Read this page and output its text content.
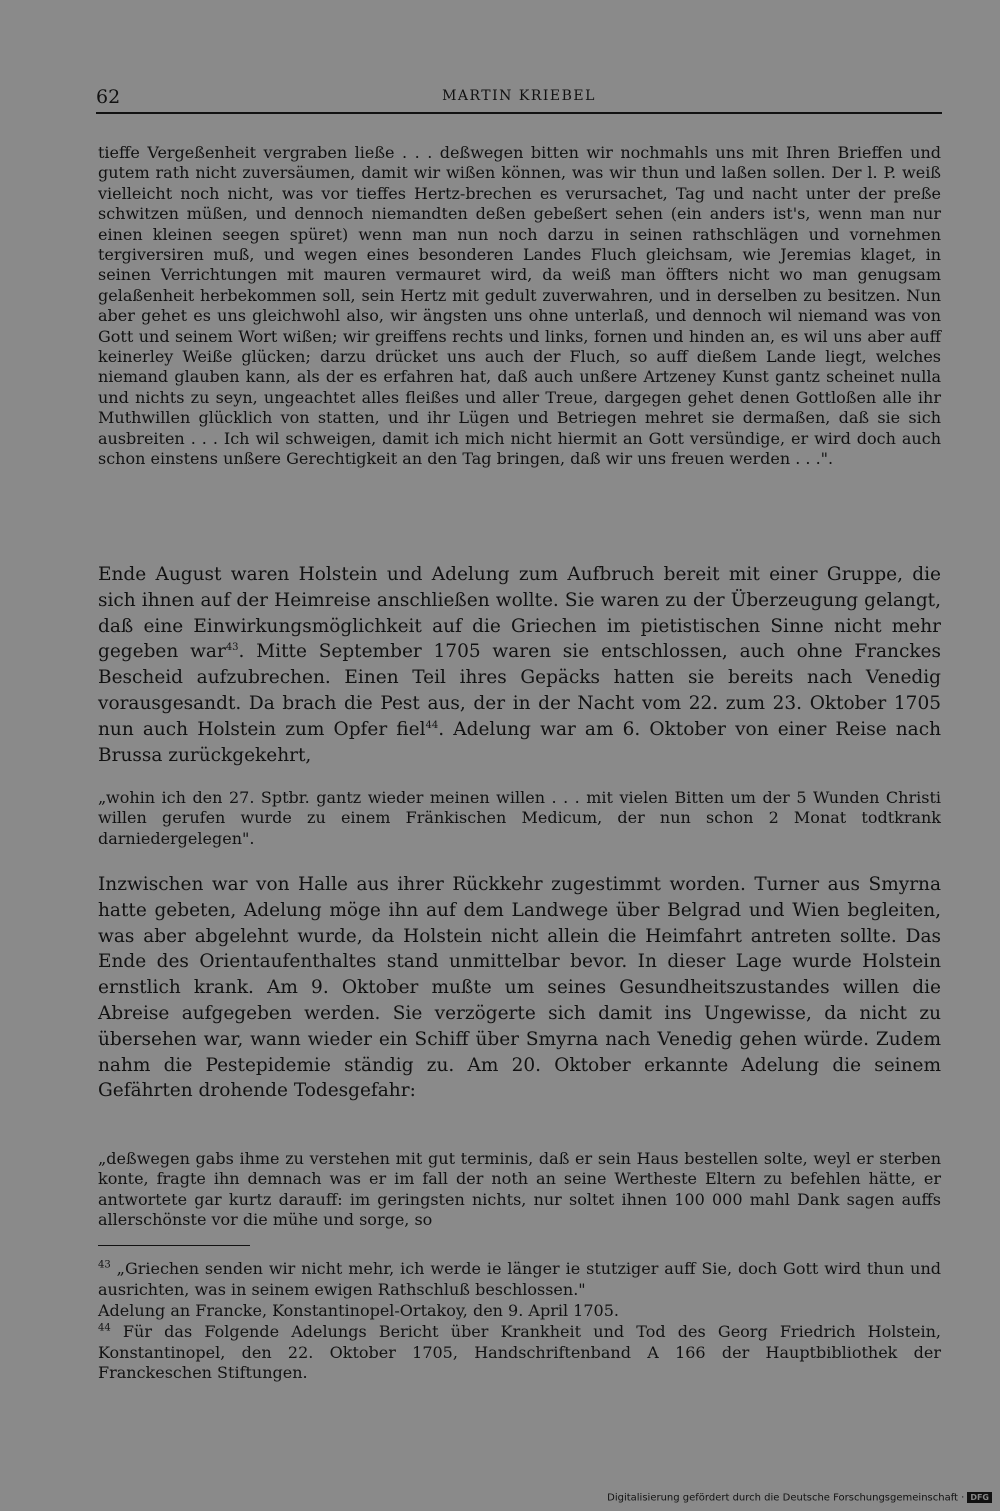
62	MARTIN KRIEBEL
tieffe Vergeßenheit vergraben ließe . . . deßwegen bitten wir nochmahls uns mit Ihren Brieffen und gutem rath nicht zuversäumen, damit wir wißen können, was wir thun und laßen sollen. Der l. P. weiß vielleicht noch nicht, was vor tieffes Hertz-brechen es verursachet, Tag und nacht unter der preße schwitzen müßen, und dennoch niemandten deßen gebeßert sehen (ein anders ist's, wenn man nur einen kleinen seegen spüret) wenn man nun noch darzu in seinen rathschlägen und vornehmen tergiversiren muß, und wegen eines besonderen Landes Fluch gleichsam, wie Jeremias klaget, in seinen Verrichtungen mit mauren vermauret wird, da weiß man öffters nicht wo man genugsam gelaßenheit herbekommen soll, sein Hertz mit gedult zuverwahren, und in derselben zu besitzen. Nun aber gehet es uns gleichwohl also, wir ängsten uns ohne unterlaß, und dennoch wil niemand was von Gott und seinem Wort wißen; wir greiffens rechts und links, fornen und hinden an, es wil uns aber auff keinerley Weiße glücken; darzu drücket uns auch der Fluch, so auff dießem Lande liegt, welches niemand glauben kann, als der es erfahren hat, daß auch unßere Artzeney Kunst gantz scheinet nulla und nichts zu seyn, ungeachtet alles fleißes und aller Treue, dargegen gehet denen Gottloßen alle ihr Muthwillen glücklich von statten, und ihr Lügen und Betriegen mehret sie dermaßen, daß sie sich ausbreiten . . . Ich wil schweigen, damit ich mich nicht hiermit an Gott versündige, er wird doch auch schon einstens unßere Gerechtigkeit an den Tag bringen, daß wir uns freuen werden . . .".
Ende August waren Holstein und Adelung zum Aufbruch bereit mit einer Gruppe, die sich ihnen auf der Heimreise anschließen wollte. Sie waren zu der Überzeugung gelangt, daß eine Einwirkungsmöglichkeit auf die Griechen im pietistischen Sinne nicht mehr gegeben war$^{43}$. Mitte September 1705 waren sie entschlossen, auch ohne Franckes Bescheid aufzubrechen. Einen Teil ihres Gepäcks hatten sie bereits nach Venedig vorausgesandt. Da brach die Pest aus, der in der Nacht vom 22. zum 23. Oktober 1705 nun auch Holstein zum Opfer fiel$^{44}$. Adelung war am 6. Oktober von einer Reise nach Brussa zurückgekehrt,
„wohin ich den 27. Sptbr. gantz wieder meinen willen . . . mit vielen Bitten um der 5 Wunden Christi willen gerufen wurde zu einem Fränkischen Medicum, der nun schon 2 Monat todtkrank darniedergelegen".
Inzwischen war von Halle aus ihrer Rückkehr zugestimmt worden. Turner aus Smyrna hatte gebeten, Adelung möge ihn auf dem Landwege über Belgrad und Wien begleiten, was aber abgelehnt wurde, da Holstein nicht allein die Heimfahrt antreten sollte. Das Ende des Orientaufenthaltes stand unmittelbar bevor. In dieser Lage wurde Holstein ernstlich krank. Am 9. Oktober mußte um seines Gesundheitszustandes willen die Abreise aufgegeben werden. Sie verzögerte sich damit ins Ungewisse, da nicht zu übersehen war, wann wieder ein Schiff über Smyrna nach Venedig gehen würde. Zudem nahm die Pestepidemie ständig zu. Am 20. Oktober erkannte Adelung die seinem Gefährten drohende Todesgefahr:
„deßwegen gabs ihme zu verstehen mit gut terminis, daß er sein Haus bestellen solte, weyl er sterben konte, fragte ihn demnach was er im fall der noth an seine Wertheste Eltern zu befehlen hätte, er antwortete gar kurtz darauff: im geringsten nichts, nur soltet ihnen 100 000 mahl Dank sagen auffs allerschönste vor die mühe und sorge, so
$^{43}$ „Griechen senden wir nicht mehr, ich werde ie länger ie stutziger auff Sie, doch Gott wird thun und ausrichten, was in seinem ewigen Rathschluß beschlossen."
Adelung an Francke, Konstantinopel-Ortakoy, den 9. April 1705.
$^{44}$ Für das Folgende Adelungs Bericht über Krankheit und Tod des Georg Friedrich Holstein, Konstantinopel, den 22. Oktober 1705, Handschriftenband A 166 der Hauptbibliothek der Franckeschen Stiftungen.
Digitalisierung gefördert durch die Deutsche Forschungsgemeinschaft · DFG
